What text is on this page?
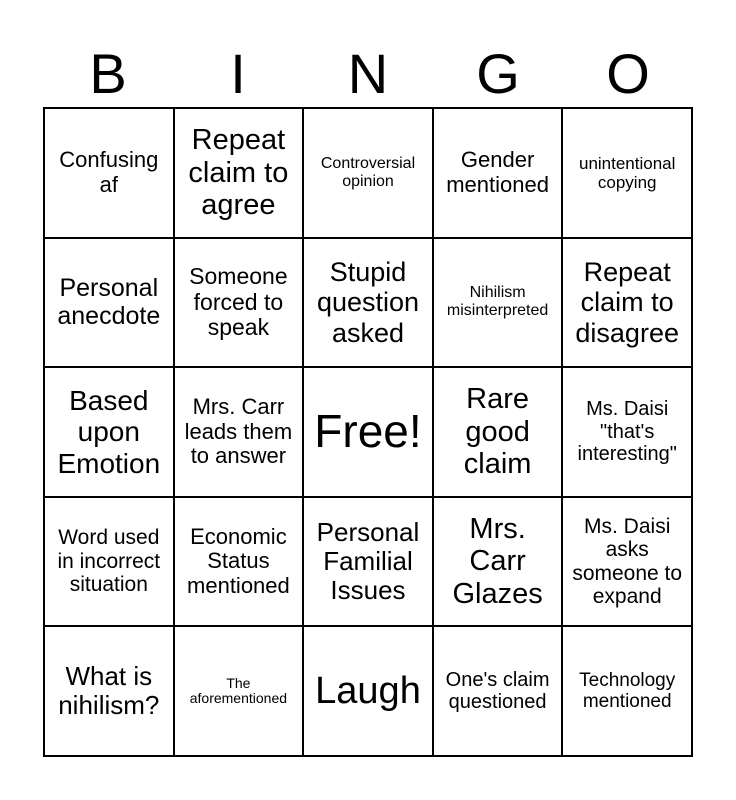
B	I	N	G	O
Confusing af
Repeat claim to agree
Controversial opinion
Gender mentioned
unintentional copying
Personal anecdote
Someone forced to speak
Stupid question asked
Nihilism misinterpreted
Repeat claim to disagree
Based upon Emotion
Mrs. Carr leads them to answer Free!
Rare good claim
Ms. Daisi "that's interesting"
Word used in incorrect situation
Economic Status mentioned
Personal Familial Issues
Mrs. Carr Glazes
Ms. Daisi asks someone to expand
What is nihilism?
The aforementioned Laugh	One's claim questioned
Technology mentioned
